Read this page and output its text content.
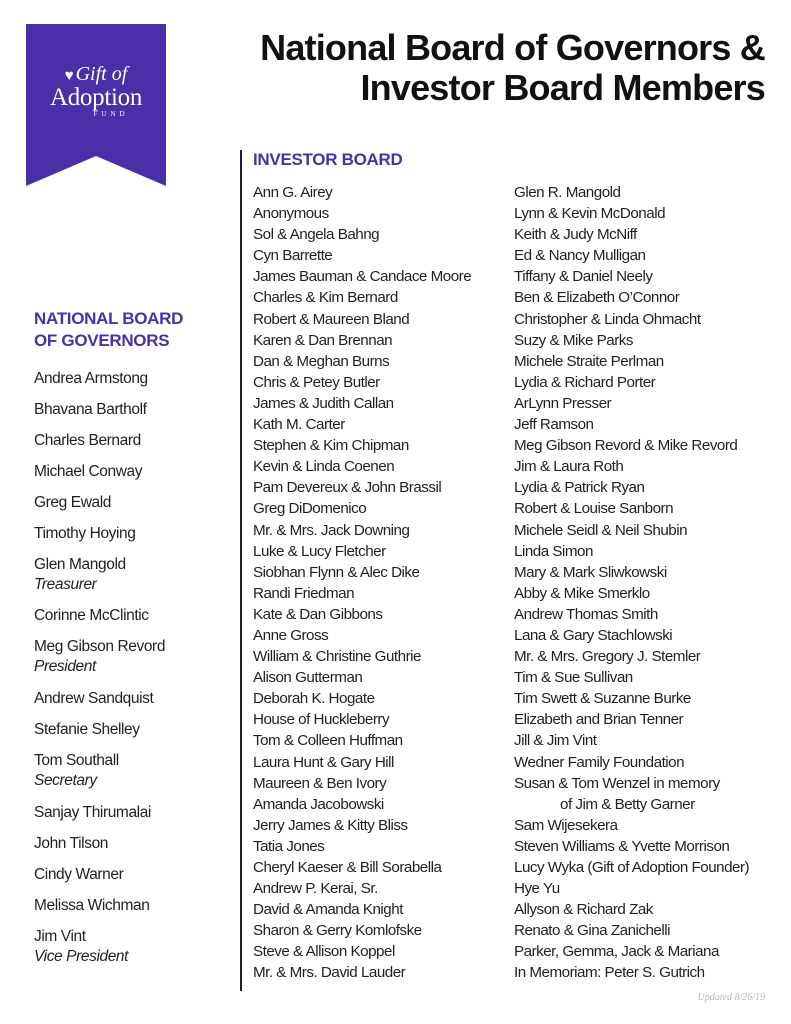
♥ Gift of
Adoption
FUND
National Board of Governors &
Investor Board Members
NATIONAL BOARD
OF GOVERNORS
Andrea Armstong
Bhavana Bartholf
Charles Bernard
Michael Conway
Greg Ewald
Timothy Hoying
Glen Mangold
Treasurer
Corinne McClintic
Meg Gibson Revord
President
Andrew Sandquist
Stefanie Shelley
Tom Southall
Secretary
Sanjay Thirumalai
John Tilson
Cindy Warner
Melissa Wichman
Jim Vint
Vice President
INVESTOR BOARD
Ann G. Airey
Anonymous
Sol & Angela Bahng
Cyn Barrette
James Bauman & Candace Moore
Charles & Kim Bernard
Robert & Maureen Bland
Karen & Dan Brennan
Dan & Meghan Burns
Chris & Petey Butler
James & Judith Callan
Kath M. Carter
Stephen & Kim Chipman
Kevin & Linda Coenen
Pam Devereux & John Brassil
Greg DiDomenico
Mr. & Mrs. Jack Downing
Luke & Lucy Fletcher
Siobhan Flynn & Alec Dike
Randi Friedman
Kate & Dan Gibbons
Anne Gross
William & Christine Guthrie
Alison Gutterman
Deborah K. Hogate
House of Huckleberry
Tom & Colleen Huffman
Laura Hunt & Gary Hill
Maureen & Ben Ivory
Amanda Jacobowski
Jerry James & Kitty Bliss
Tatia Jones
Cheryl Kaeser & Bill Sorabella
Andrew P. Kerai, Sr.
David & Amanda Knight
Sharon & Gerry Komlofske
Steve & Allison Koppel
Mr. & Mrs. David Lauder
Glen R. Mangold
Lynn & Kevin McDonald
Keith & Judy McNiff
Ed & Nancy Mulligan
Tiffany & Daniel Neely
Ben & Elizabeth O’Connor
Christopher & Linda Ohmacht
Suzy & Mike Parks
Michele Straite Perlman
Lydia & Richard Porter
ArLynn Presser
Jeff Ramson
Meg Gibson Revord & Mike Revord
Jim & Laura Roth
Lydia & Patrick Ryan
Robert & Louise Sanborn
Michele Seidl & Neil Shubin
Linda Simon
Mary & Mark Sliwkowski
Abby & Mike Smerklo
Andrew Thomas Smith
Lana & Gary Stachlowski
Mr. & Mrs. Gregory J. Stemler
Tim & Sue Sullivan
Tim Swett & Suzanne Burke
Elizabeth and Brian Tenner
Jill & Jim Vint
Wedner Family Foundation
Susan & Tom Wenzel in memory
of Jim & Betty Garner
Sam Wijesekera
Steven Williams & Yvette Morrison
Lucy Wyka (Gift of Adoption Founder)
Hye Yu
Allyson & Richard Zak
Renato & Gina Zanichelli
Parker, Gemma, Jack & Mariana
In Memoriam: Peter S. Gutrich
Updated 8/26/19
